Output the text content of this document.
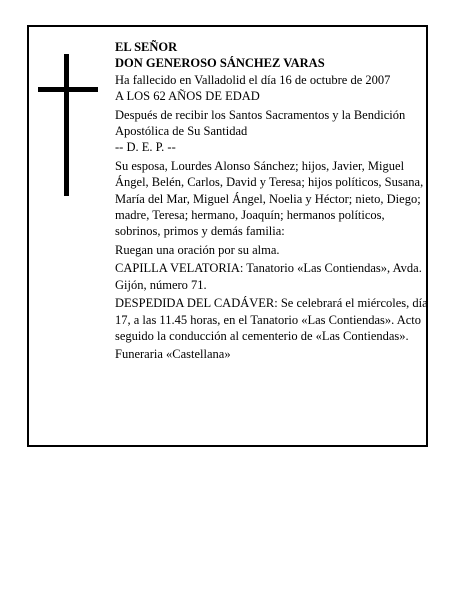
EL SEÑOR

DON GENEROSO SÁNCHEZ VARAS

Ha fallecido en Valladolid el día 16 de octubre de 2007

A LOS 62 AÑOS DE EDAD

Después de recibir los Santos Sacramentos y la Bendición Apostólica de Su Santidad

-- D. E. P. --

Su esposa, Lourdes Alonso Sánchez; hijos, Javier, Miguel Ángel, Belén, Carlos, David y Teresa; hijos políticos, Susana, María del Mar, Miguel Ángel, Noelia y Héctor; nieto, Diego; madre, Teresa; hermano, Joaquín; hermanos políticos, sobrinos, primos y demás familia:

Ruegan una oración por su alma.

CAPILLA VELATORIA: Tanatorio «Las Contiendas», Avda. Gijón, número 71.

DESPEDIDA DEL CADÁVER: Se celebrará el miércoles, día 17, a las 11.45 horas, en el Tanatorio «Las Contiendas». Acto seguido la conducción al cementerio de «Las Contiendas».

Funeraria «Castellana»
